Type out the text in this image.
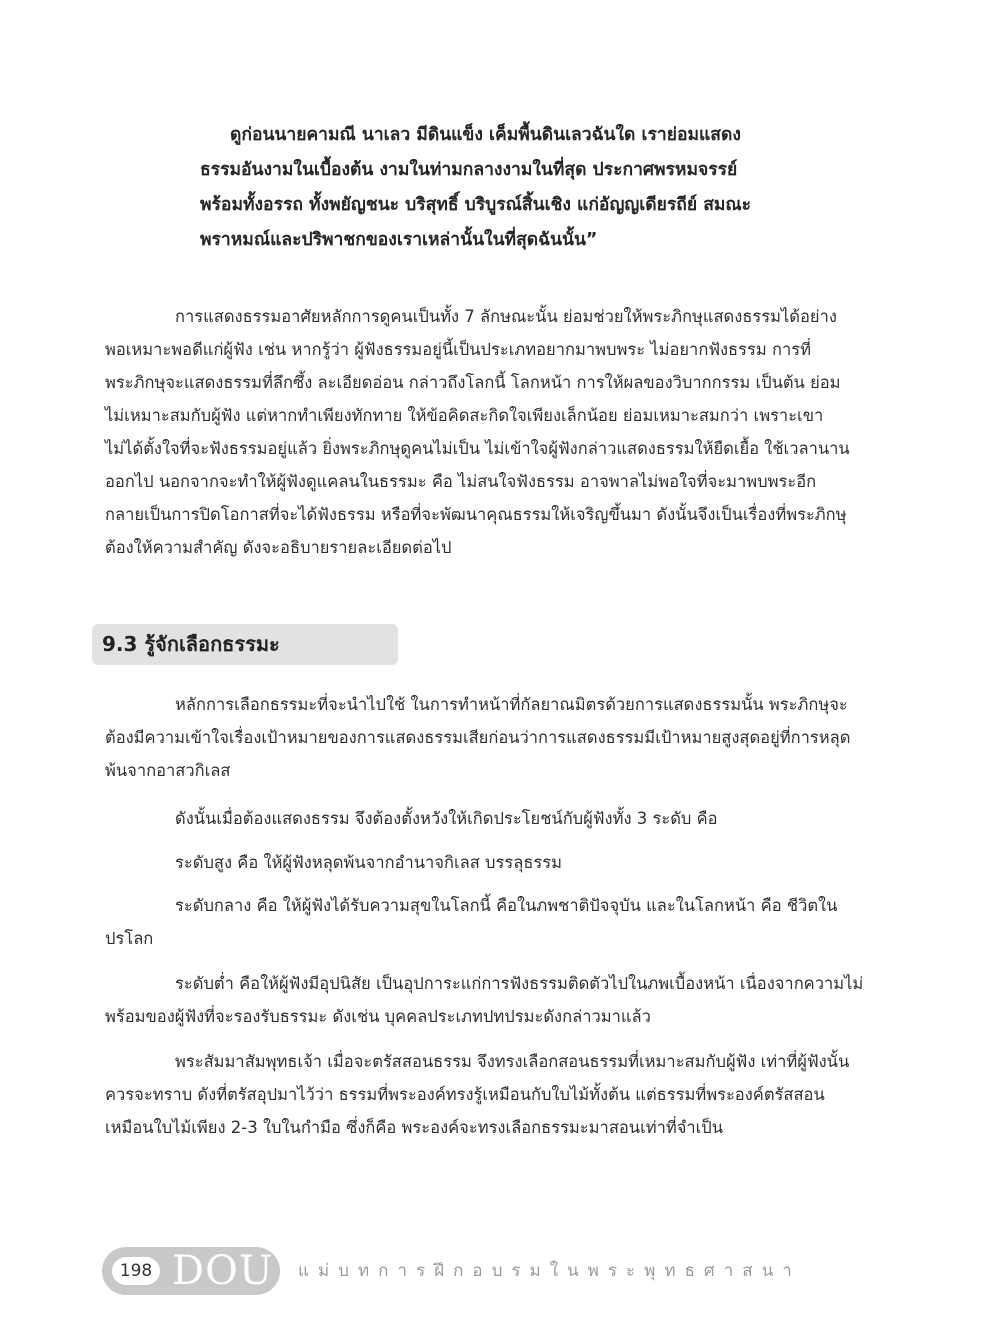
ดูก่อนนายคามณี นาเลว มีดินแข็ง เค็มพื้นดินเลวฉันใด เราย่อมแสดง
ธรรมอันงามในเบื้องต้น งามในท่ามกลางงามในที่สุด ประกาศพรหมจรรย์
พร้อมทั้งอรรถ ทั้งพยัญชนะ บริสุทธิ์ บริบูรณ์สิ้นเชิง แก่อัญญเดียรถีย์ สมณะ
พราหมณ์และปริพาชกของเราเหล่านั้นในที่สุดฉันนั้น”
การแสดงธรรมอาศัยหลักการดูคนเป็นทั้ง 7 ลักษณะนั้น ย่อมช่วยให้พระภิกษุแสดงธรรมได้อย่าง
พอเหมาะพอดีแก่ผู้ฟัง เช่น หากรู้ว่า ผู้ฟังธรรมอยู่นี้เป็นประเภทอยากมาพบพระ ไม่อยากฟังธรรม การที่
พระภิกษุจะแสดงธรรมที่ลึกซึ้ง ละเอียดอ่อน กล่าวถึงโลกนี้ โลกหน้า การให้ผลของวิบากกรรม เป็นต้น ย่อม
ไม่เหมาะสมกับผู้ฟัง แต่หากทำเพียงทักทาย ให้ข้อคิดสะกิดใจเพียงเล็กน้อย ย่อมเหมาะสมกว่า เพราะเขา
ไม่ได้ตั้งใจที่จะฟังธรรมอยู่แล้ว ยิ่งพระภิกษุดูคนไม่เป็น ไม่เข้าใจผู้ฟังกล่าวแสดงธรรมให้ยืดเยื้อ ใช้เวลานาน
ออกไป นอกจากจะทำให้ผู้ฟังดูแคลนในธรรมะ คือ ไม่สนใจฟังธรรม อาจพาลไม่พอใจที่จะมาพบพระอีก
กลายเป็นการปิดโอกาสที่จะได้ฟังธรรม หรือที่จะพัฒนาคุณธรรมให้เจริญขึ้นมา ดังนั้นจึงเป็นเรื่องที่พระภิกษุ
ต้องให้ความสำคัญ ดังจะอธิบายรายละเอียดต่อไป
9.3 รู้จักเลือกธรรมะ
หลักการเลือกธรรมะที่จะนำไปใช้ ในการทำหน้าที่กัลยาณมิตรด้วยการแสดงธรรมนั้น พระภิกษุจะ
ต้องมีความเข้าใจเรื่องเป้าหมายของการแสดงธรรมเสียก่อนว่าการแสดงธรรมมีเป้าหมายสูงสุดอยู่ที่การหลุด
พ้นจากอาสวกิเลส
ดังนั้นเมื่อต้องแสดงธรรม จึงต้องตั้งหวังให้เกิดประโยชน์กับผู้ฟังทั้ง 3 ระดับ คือ
ระดับสูง คือ ให้ผู้ฟังหลุดพ้นจากอำนาจกิเลส บรรลุธรรม
ระดับกลาง คือ ให้ผู้ฟังได้รับความสุขในโลกนี้ คือในภพชาติปัจจุบัน และในโลกหน้า คือ ชีวิตใน
ปรโลก
ระดับต่ำ คือให้ผู้ฟังมีอุปนิสัย เป็นอุปการะแก่การฟังธรรมติดตัวไปในภพเบื้องหน้า เนื่องจากความไม่
พร้อมของผู้ฟังที่จะรองรับธรรมะ ดังเช่น บุคคลประเภทปทปรมะดังกล่าวมาแล้ว
พระสัมมาสัมพุทธเจ้า เมื่อจะตรัสสอนธรรม จึงทรงเลือกสอนธรรมที่เหมาะสมกับผู้ฟัง เท่าที่ผู้ฟังนั้น
ควรจะทราบ ดังที่ตรัสอุปมาไว้ว่า ธรรมที่พระองค์ทรงรู้เหมือนกับใบไม้ทั้งต้น แต่ธรรมที่พระองค์ตรัสสอน
เหมือนใบไม้เพียง 2-3 ใบในกำมือ ซึ่งก็คือ พระองค์จะทรงเลือกธรรมะมาสอนเท่าที่จำเป็น
198 DOU แม่บทการฝึกอบรมในพระพุทธศาสนา
